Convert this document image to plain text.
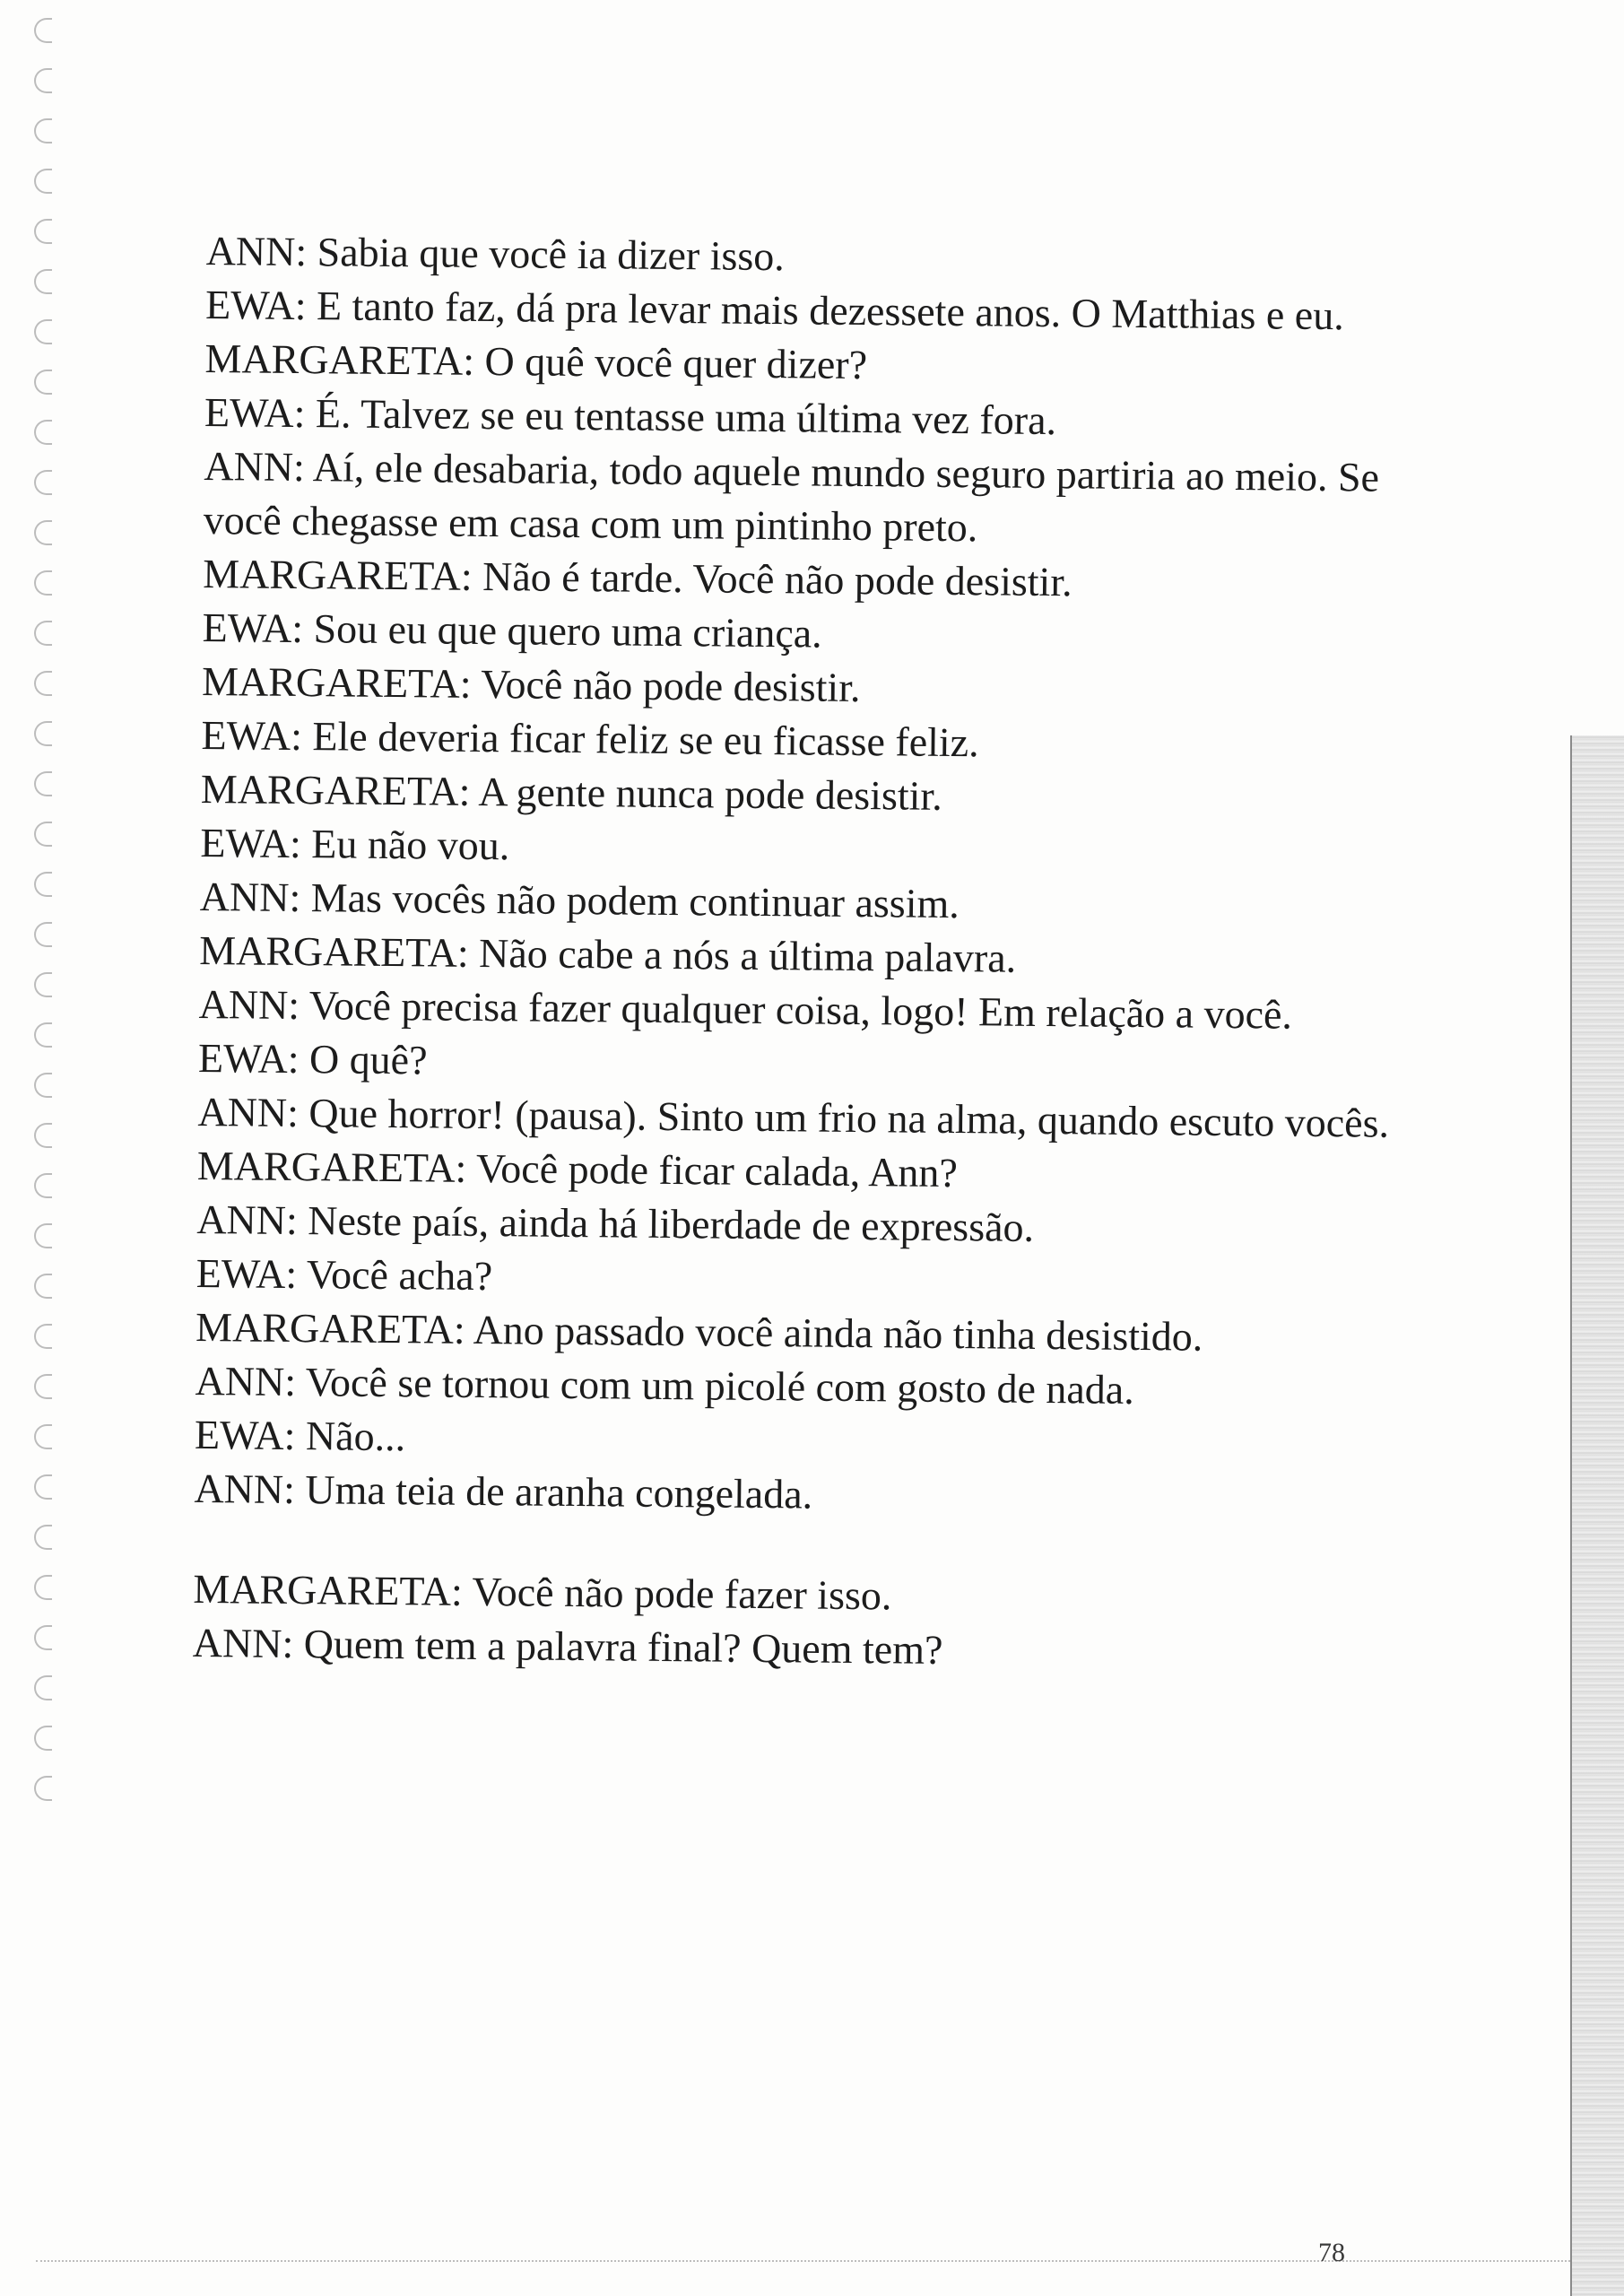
ANN: Sabia que você ia dizer isso.
EWA: E tanto faz, dá pra levar mais dezessete anos. O Matthias e eu.
MARGARETA: O quê você quer dizer?
EWA: É. Talvez se eu tentasse uma última vez fora.
ANN: Aí, ele desabaria, todo aquele mundo seguro partiria ao meio. Se você chegasse em casa com um pintinho preto.
MARGARETA: Não é tarde. Você não pode desistir.
EWA: Sou eu que quero uma criança.
MARGARETA: Você não pode desistir.
EWA: Ele deveria ficar feliz se eu ficasse feliz.
MARGARETA: A gente nunca pode desistir.
EWA: Eu não vou.
ANN: Mas vocês não podem continuar assim.
MARGARETA: Não cabe a nós a última palavra.
ANN: Você precisa fazer qualquer coisa, logo! Em relação a você.
EWA: O quê?
ANN: Que horror! (pausa). Sinto um frio na alma, quando escuto vocês.
MARGARETA: Você pode ficar calada, Ann?
ANN: Neste país, ainda há liberdade de expressão.
EWA: Você acha?
MARGARETA: Ano passado você ainda não tinha desistido.
ANN: Você se tornou com um picolé com gosto de nada.
EWA: Não...
ANN: Uma teia de aranha congelada.
MARGARETA: Você não pode fazer isso.
ANN: Quem tem a palavra final? Quem tem?
78
